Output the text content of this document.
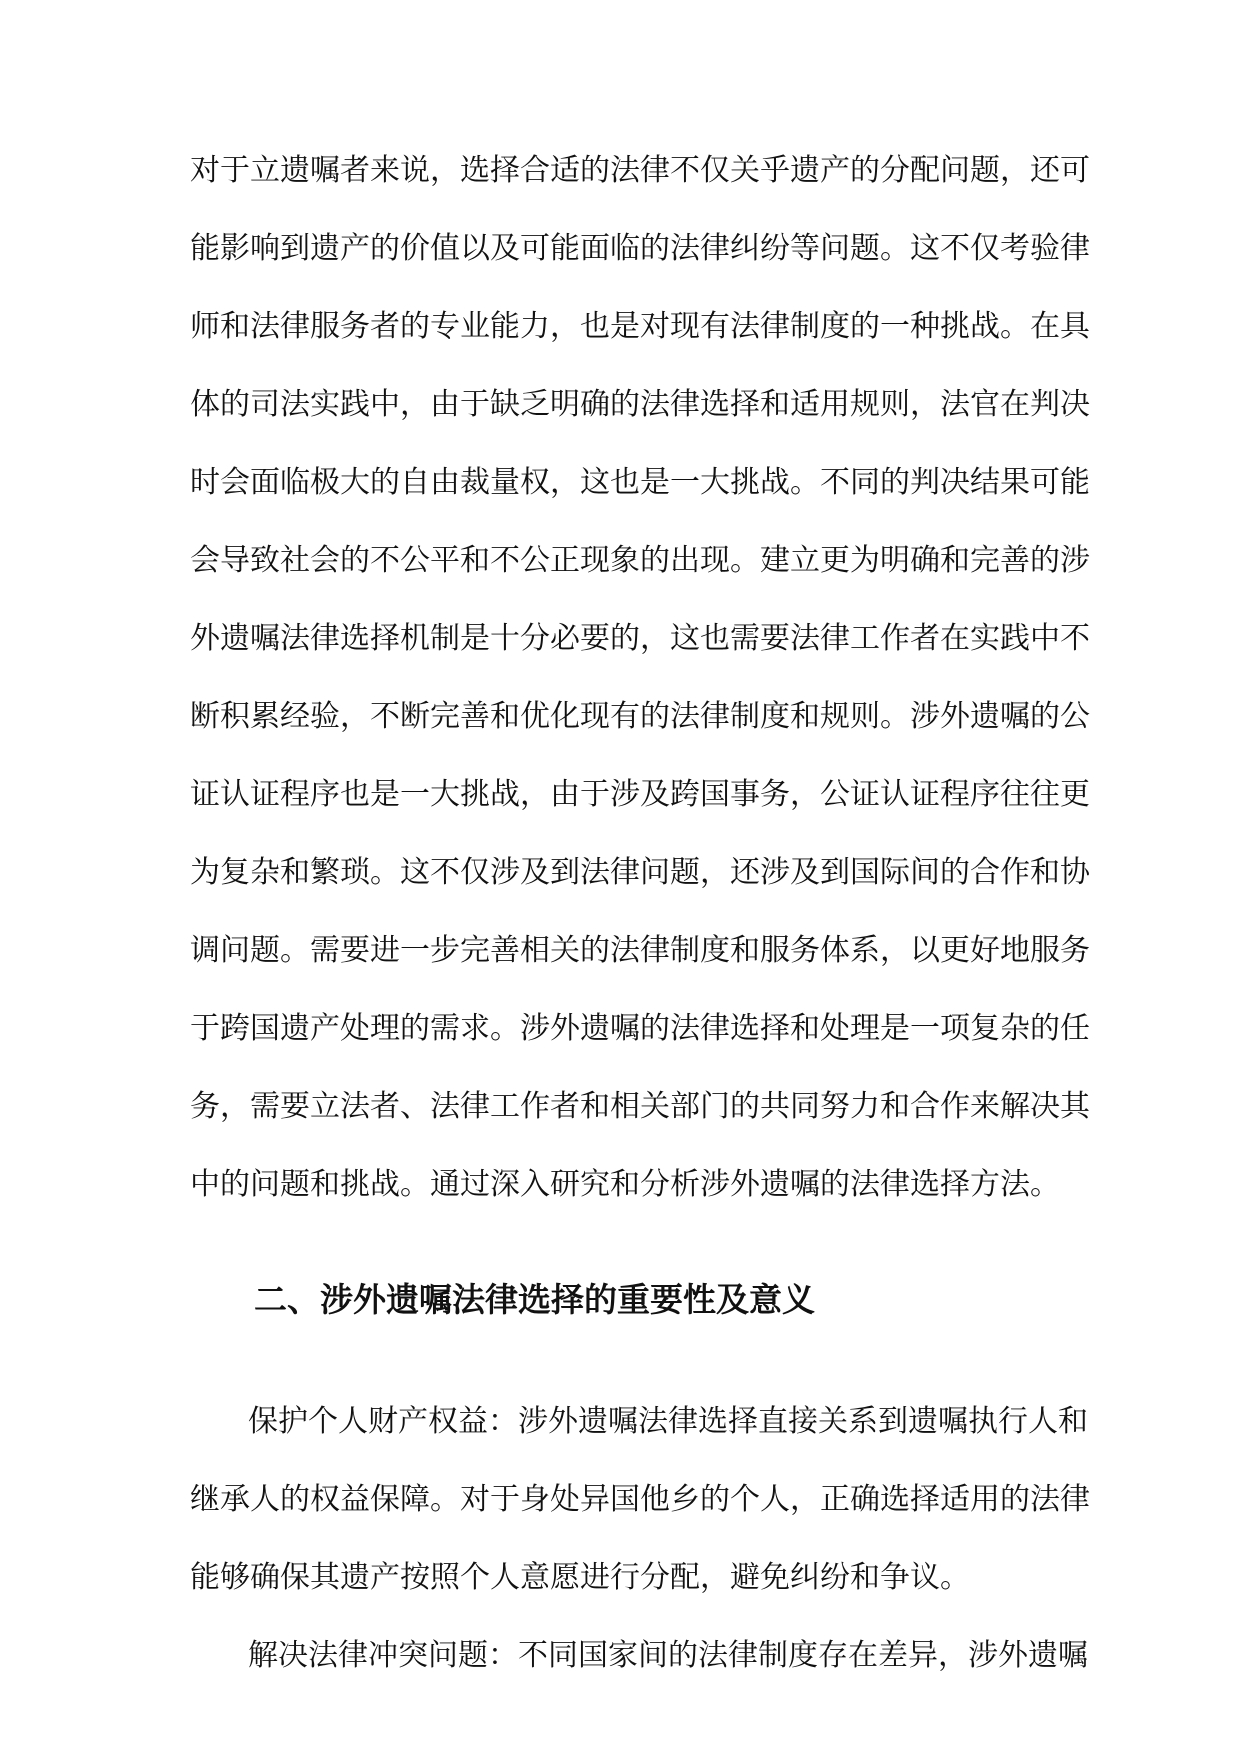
对于立遗嘱者来说，选择合适的法律不仅关乎遗产的分配问题，还可
能影响到遗产的价值以及可能面临的法律纠纷等问题。这不仅考验律
师和法律服务者的专业能力，也是对现有法律制度的一种挑战。在具
体的司法实践中，由于缺乏明确的法律选择和适用规则，法官在判决
时会面临极大的自由裁量权，这也是一大挑战。不同的判决结果可能
会导致社会的不公平和不公正现象的出现。建立更为明确和完善的涉
外遗嘱法律选择机制是十分必要的，这也需要法律工作者在实践中不
断积累经验，不断完善和优化现有的法律制度和规则。涉外遗嘱的公
证认证程序也是一大挑战，由于涉及跨国事务，公证认证程序往往更
为复杂和繁琐。这不仅涉及到法律问题，还涉及到国际间的合作和协
调问题。需要进一步完善相关的法律制度和服务体系，以更好地服务
于跨国遗产处理的需求。涉外遗嘱的法律选择和处理是一项复杂的任
务，需要立法者、法律工作者和相关部门的共同努力和合作来解决其
中的问题和挑战。通过深入研究和分析涉外遗嘱的法律选择方法。
二、涉外遗嘱法律选择的重要性及意义
保护个人财产权益：涉外遗嘱法律选择直接关系到遗嘱执行人和
继承人的权益保障。对于身处异国他乡的个人，正确选择适用的法律
能够确保其遗产按照个人意愿进行分配，避免纠纷和争议。
解决法律冲突问题：不同国家间的法律制度存在差异，涉外遗嘱
